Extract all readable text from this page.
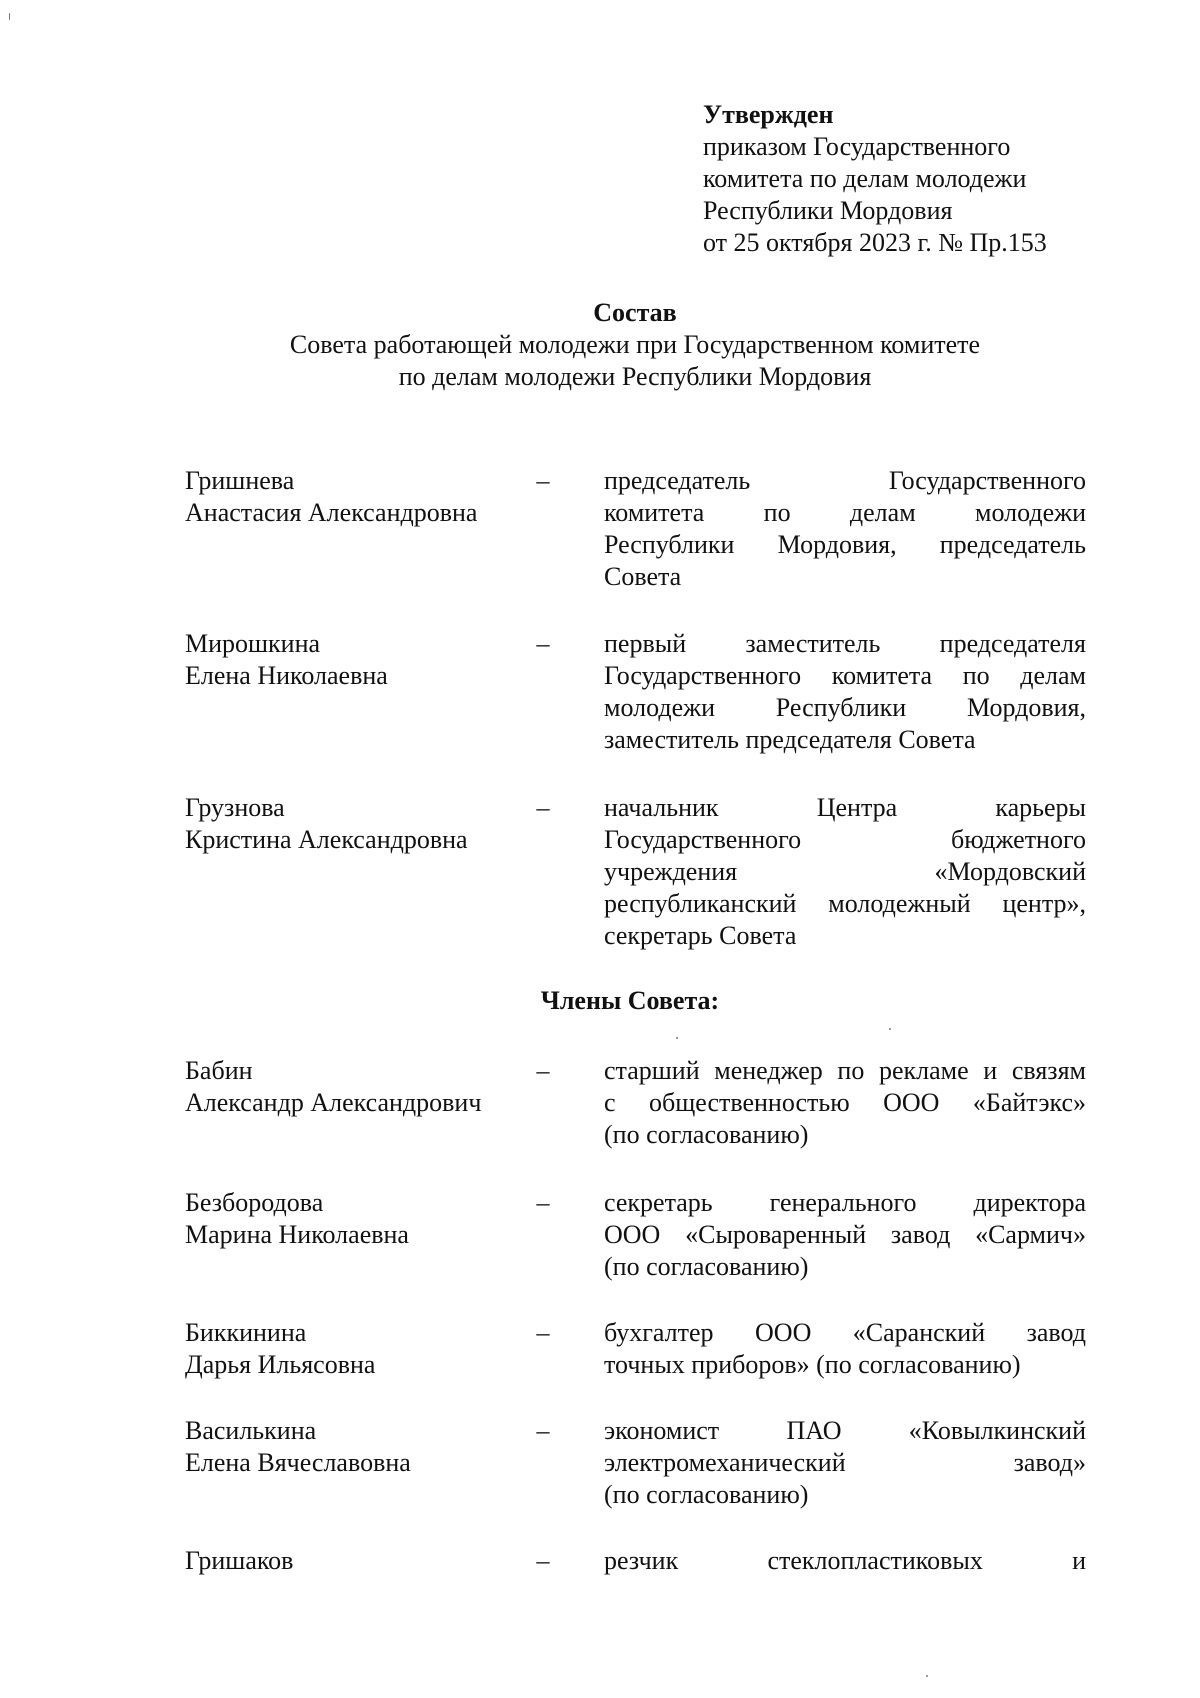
Утвержден
приказом Государственного
комитета по делам молодежи
Республики Мордовия
от 25 октября 2023 г. № Пр.153
Состав
Совета работающей молодежи при Государственном комитете
по делам молодежи Республики Мордовия
Гришнева
Анастасия Александровна
– председатель Государственного
комитета по делам молодежи
Республики Мордовия, председатель
Совета
Мирошкина
Елена Николаевна
– первый заместитель председателя
Государственного комитета по делам
молодежи Республики Мордовия,
заместитель председателя Совета
Грузнова
Кристина Александровна
– начальник Центра карьеры
Государственного бюджетного
учреждения «Мордовский
республиканский молодежный центр»,
секретарь Совета
Члены Совета:
Бабин
Александр Александрович
– старший менеджер по рекламе и связям
с общественностью ООО «Байтэкс»
(по согласованию)
Безбородова
Марина Николаевна
– секретарь генерального директора
ООО «Сыроваренный завод «Сармич»
(по согласованию)
Биккинина
Дарья Ильясовна
– бухгалтер ООО «Саранский завод
точных приборов» (по согласованию)
Василькина
Елена Вячеславовна
– экономист ПАО «Ковылкинский
электромеханический завод»
(по согласованию)
Гришаков	– резчик стеклопластиковых и
